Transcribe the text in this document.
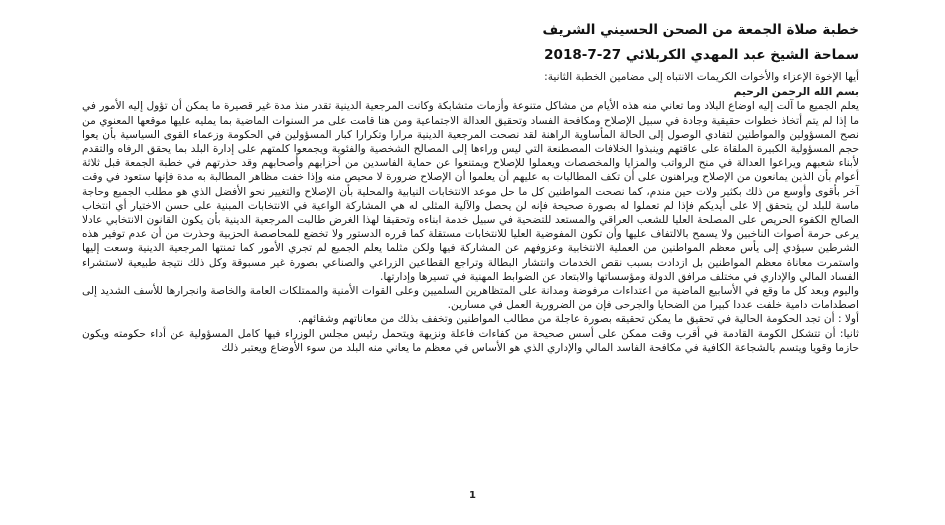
خطبة صلاة الجمعة من الصحن الحسيني الشريف
سماحة الشيخ عبد المهدي الكربلائي 27-7-2018

أيها الإخوة الإعزاء والأخوات الكريمات الانتباه إلى مضامين الخطبة الثانية:

بسم الله الرحمن الرحيم

يعلم الجميع ما آلت إليه اوضاع البلاد وما تعاني منه هذه الأيام من مشاكل متنوعة وأزمات متشابكة وكانت المرجعية الدينية تقدر منذ مدة غير قصيرة ما يمكن أن تؤول إليه الأمور في ما إذا لم يتم أتخاذ خطوات حقيقية وجادة في سبيل الإصلاح ومكافحة الفساد وتحقيق العدالة الاجتماعية ومن هنا قامت على مر السنوات الماضية بما يمليه عليها موقعها المعنوي من نصح المسؤولين والمواطنين لتفادي الوصول إلى الحالة المأساوية الراهنة لقد نصحت المرجعية الدينية مرارا وتكرارا كبار المسؤولين في الحكومة وزعماء القوى السياسية بأن يعوا حجم المسؤولية الكبيرة الملقاة على عاقتهم وينبذوا الخلافات المصطنعة التي ليس وراءها إلى المصالح الشخصية والفئوية ويجمعوا كلمتهم على إدارة البلد بما يحقق الرفاه والتقدم لأبناء شعبهم ويراعوا العدالة في منح الرواتب والمزايا والمخصصات ويعملوا للإصلاح ويمتنعوا عن حماية الفاسدين من أحزابهم وأصحابهم وقد حذرتهم في خطبة الجمعة قبل ثلاثة أعوام بأن الذين يمانعون من الإصلاح ويراهنون على أن تكف المطالبات به عليهم أن يعلموا أن الإصلاح ضرورة لا محيص منه وإذا خفت مظاهر المطالبة به مدة فإنها ستعود في وقت آخر بأقوى وأوسع من ذلك بكثير ولات حين مندم، كما نصحت المواطنين كل ما حل موعد الانتخابات النيابية والمحلية بأن الإصلاح والتغيير نحو الأفضل الذي هو مطلب الجميع وحاجة ماسة للبلد لن يتحقق إلا على أيديكم فإذا لم تعملوا له بصورة صحيحة فإنه لن يحصل والآلية المثلى له هي المشاركة الواعية في الانتخابات المبنية على حسن الاختيار أي انتخاب الصالح الكفوء الحريص على المصلحة العليا للشعب العراقي والمستعد للتضحية في سبيل خدمة ابناءه وتحقيقا لهذا الغرض طالبت المرجعية الدينية بأن يكون القانون الانتخابي عادلا يرعى حرمة أصوات الناخبين ولا يسمح بالالتفاف عليها وأن تكون المفوضية العليا للانتخابات مستقلة كما قرره الدستور ولا تخضع للمحاصصة الحزبية وحذرت من أن عدم توفير هذه الشرطين سيؤدي إلى يأس معظم المواطنين من العملية الانتخابية وعزوفهم عن المشاركة فيها ولكن مثلما يعلم الجميع لم تجري الأمور كما تمنتها المرجعية الدينية وسعت إليها واستمرت معاناة معظم المواطنين بل ازدادت بسبب نقص الخدمات وانتشار البطالة وتراجع القطاعين الزراعي والصناعي بصورة غير مسبوقة وكل ذلك نتيجة طبيعية لاستشراء الفساد المالي والإداري في مختلف مرافق الدولة ومؤسساتها والابتعاد عن الضوابط المهنية في تسيرها وإدارتها.

واليوم وبعد كل ما وقع في الأسابيع الماضية من اعتداءات مرفوضة ومدانة على المتظاهرين السلميين وعلى القوات الأمنية والممتلكات العامة والخاصة وانجرارها للأسف الشديد إلى اصطدامات دامية خلفت عددا كبيرا من الضحايا والجرحى فإن من الضرورية العمل في مسارين.

أولا : أن تجد الحكومة الحالية في تحقيق ما يمكن تحقيقه بصورة عاجلة من مطالب المواطنين وتخفف بذلك من معاناتهم وشقائهم.

ثانيا: أن تتشكل الكومة القادمة في أقرب وقت ممكن على أسس صحيحة من كفاءات فاعلة ونزيهة ويتحمل رئيس مجلس الوزراء فيها كامل المسؤولية عن أداء حكومته ويكون حازما وقويا ويتسم بالشجاعة الكافية في مكافحة الفاسد المالي والإداري الذي هو الأساس في معظم ما يعاني منه البلد من سوء الأوضاع ويعتبر ذلك

1
